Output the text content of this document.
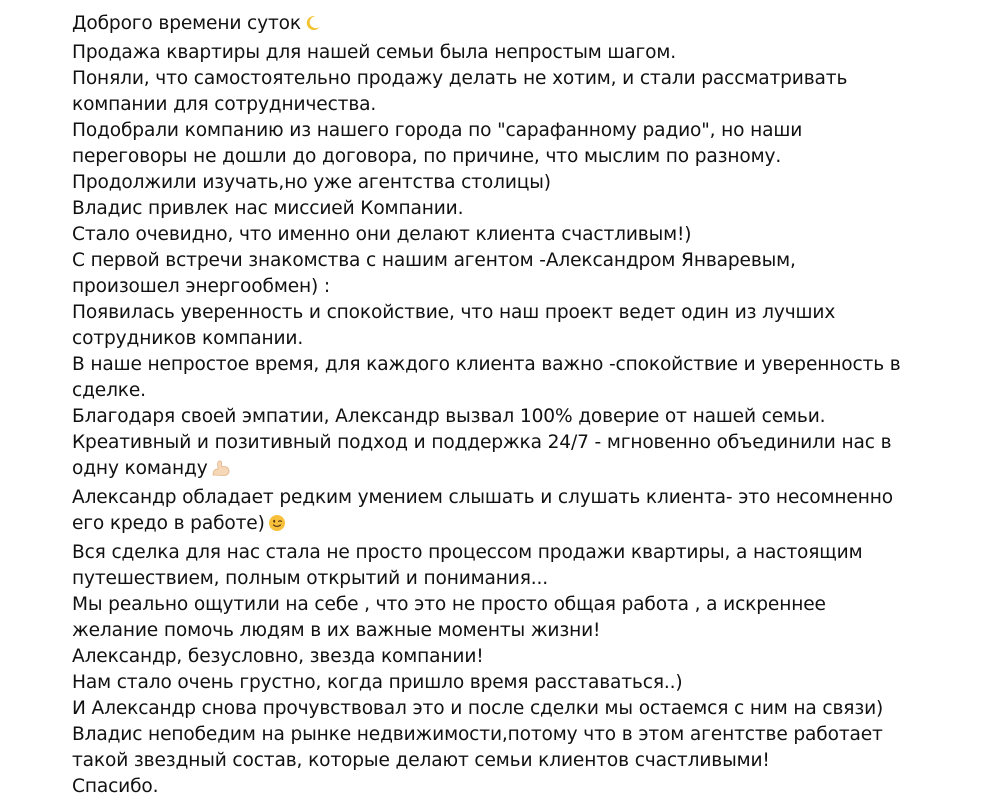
Доброго времени суток
Продажа квартиры для нашей семьи была непростым шагом.
Поняли, что самостоятельно продажу делать не хотим, и стали рассматривать
компании для сотрудничества.
Подобрали компанию из нашего города по "сарафанному радио", но наши
переговоры не дошли до договора, по причине, что мыслим по разному.
Продолжили изучать,но уже агентства столицы)
Владис привлек нас миссией Компании.
Стало очевидно, что именно они делают клиента счастливым!)
С первой встречи знакомства с нашим агентом -Александром Январевым,
произошел энергообмен) :
Появилась уверенность и спокойствие, что наш проект ведет один из лучших
сотрудников компании.
В наше непростое время, для каждого клиента важно -спокойствие и уверенность в
сделке.
Благодаря своей эмпатии, Александр вызвал 100% доверие от нашей семьи.
Креативный и позитивный подход и поддержка 24/7 - мгновенно объединили нас в
одну команду
Александр обладает редким умением слышать и слушать клиента- это несомненно
его кредо в работе)
Вся сделка для нас стала не просто процессом продажи квартиры, а настоящим
путешествием, полным открытий и понимания...
Мы реально ощутили на себе , что это не просто общая работа , а искреннее
желание помочь людям в их важные моменты жизни!
Александр, безусловно, звезда компании!
Нам стало очень грустно, когда пришло время расставаться..)
И Александр снова прочувствовал это и после сделки мы остаемся с ним на связи)
Владис непобедим на рынке недвижимости,потому что в этом агентстве работает
такой звездный состав, которые делают семьи клиентов счастливыми!
Спасибо.
